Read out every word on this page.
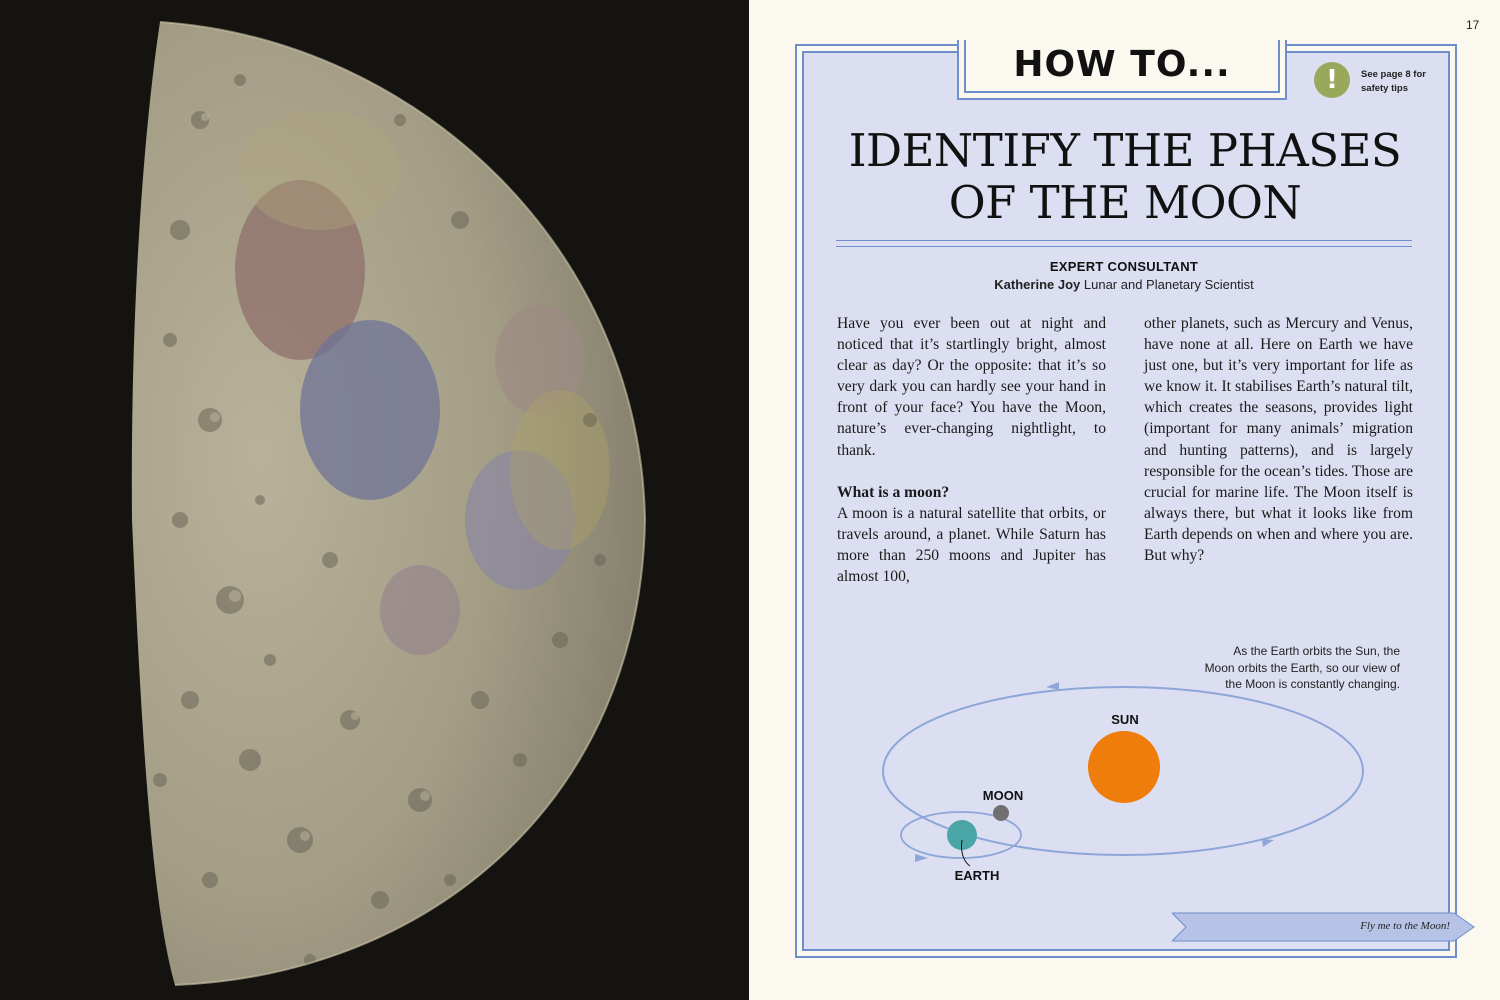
17
HOW TO...	!	See page 8 for safety tips
IDENTIFY THE PHASES
OF THE MOON
EXPERT CONSULTANT
Katherine Joy Lunar and Planetary Scientist

Have you ever been out at night and noticed that it’s startlingly bright, almost clear as day? Or the opposite: that it’s so very dark you can hardly see your hand in front of your face? You have the Moon, nature’s ever-changing nightlight, to thank.

What is a moon?

A moon is a natural satellite that orbits, or travels around, a planet. While Saturn has more than 250 moons and Jupiter has almost 100,

other planets, such as Mercury and Venus, have none at all. Here on Earth we have just one, but it’s very important for life as we know it. It stabilises Earth’s natural tilt, which creates the seasons, provides light (important for many animals’ migration and hunting patterns), and is largely responsible for the ocean’s tides. Those are crucial for marine life. The Moon itself is always there, but what it looks like from Earth depends on when and where you are. But why?

As the Earth orbits the Sun, the Moon orbits the Earth, so our view of the Moon is constantly changing.
SUN
MOON
EARTH
Fly me to the Moon!
